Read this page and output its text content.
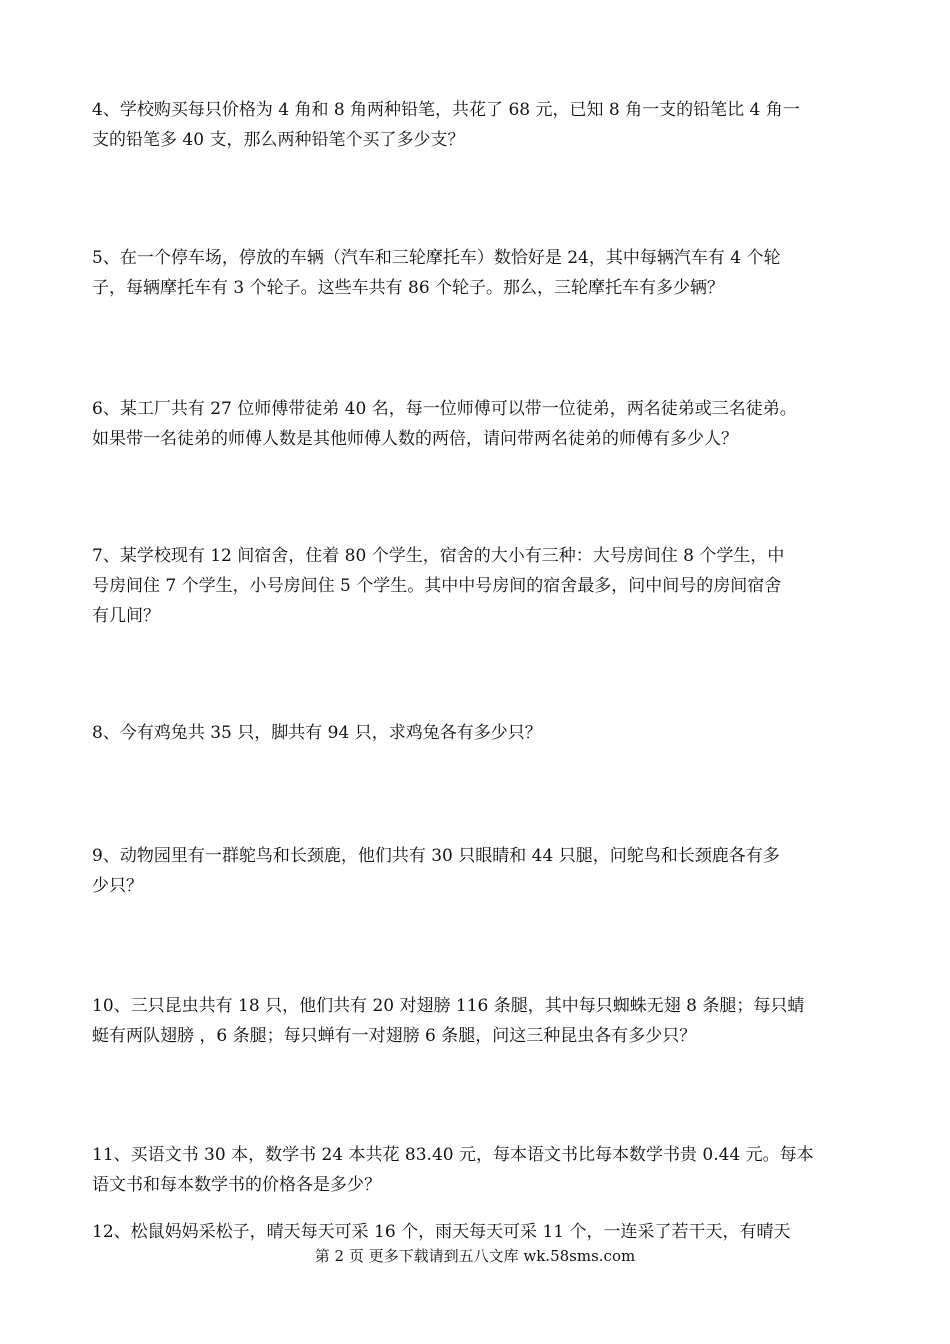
4、学校购买每只价格为 4 角和 8 角两种铅笔，共花了 68 元，已知 8 角一支的铅笔比 4 角一
支的铅笔多 40 支，那么两种铅笔个买了多少支？
5、在一个停车场，停放的车辆（汽车和三轮摩托车）数恰好是 24，其中每辆汽车有 4 个轮
子，每辆摩托车有 3 个轮子。这些车共有 86 个轮子。那么，三轮摩托车有多少辆？
6、某工厂共有 27 位师傅带徒弟 40 名，每一位师傅可以带一位徒弟，两名徒弟或三名徒弟。
如果带一名徒弟的师傅人数是其他师傅人数的两倍，请问带两名徒弟的师傅有多少人？
7、某学校现有 12 间宿舍，住着 80 个学生，宿舍的大小有三种：大号房间住 8 个学生，中
号房间住 7 个学生，小号房间住 5 个学生。其中中号房间的宿舍最多，问中间号的房间宿舍
有几间？
8、今有鸡兔共 35 只，脚共有 94 只，求鸡兔各有多少只？
9、动物园里有一群鸵鸟和长颈鹿，他们共有 30 只眼睛和 44 只腿，问鸵鸟和长颈鹿各有多
少只？
10、三只昆虫共有 18 只，他们共有 20 对翅膀 116 条腿，其中每只蜘蛛无翅 8 条腿；每只蜻
蜓有两队翅膀 ，6 条腿；每只蝉有一对翅膀 6 条腿，问这三种昆虫各有多少只？
11、买语文书 30 本，数学书 24 本共花 83.40 元，每本语文书比每本数学书贵 0.44 元。每本
语文书和每本数学书的价格各是多少？
12、松鼠妈妈采松子，晴天每天可采 16 个，雨天每天可采 11 个，一连采了若干天，有晴天
第 2 页 更多下载请到五八文库 wk.58sms.com
